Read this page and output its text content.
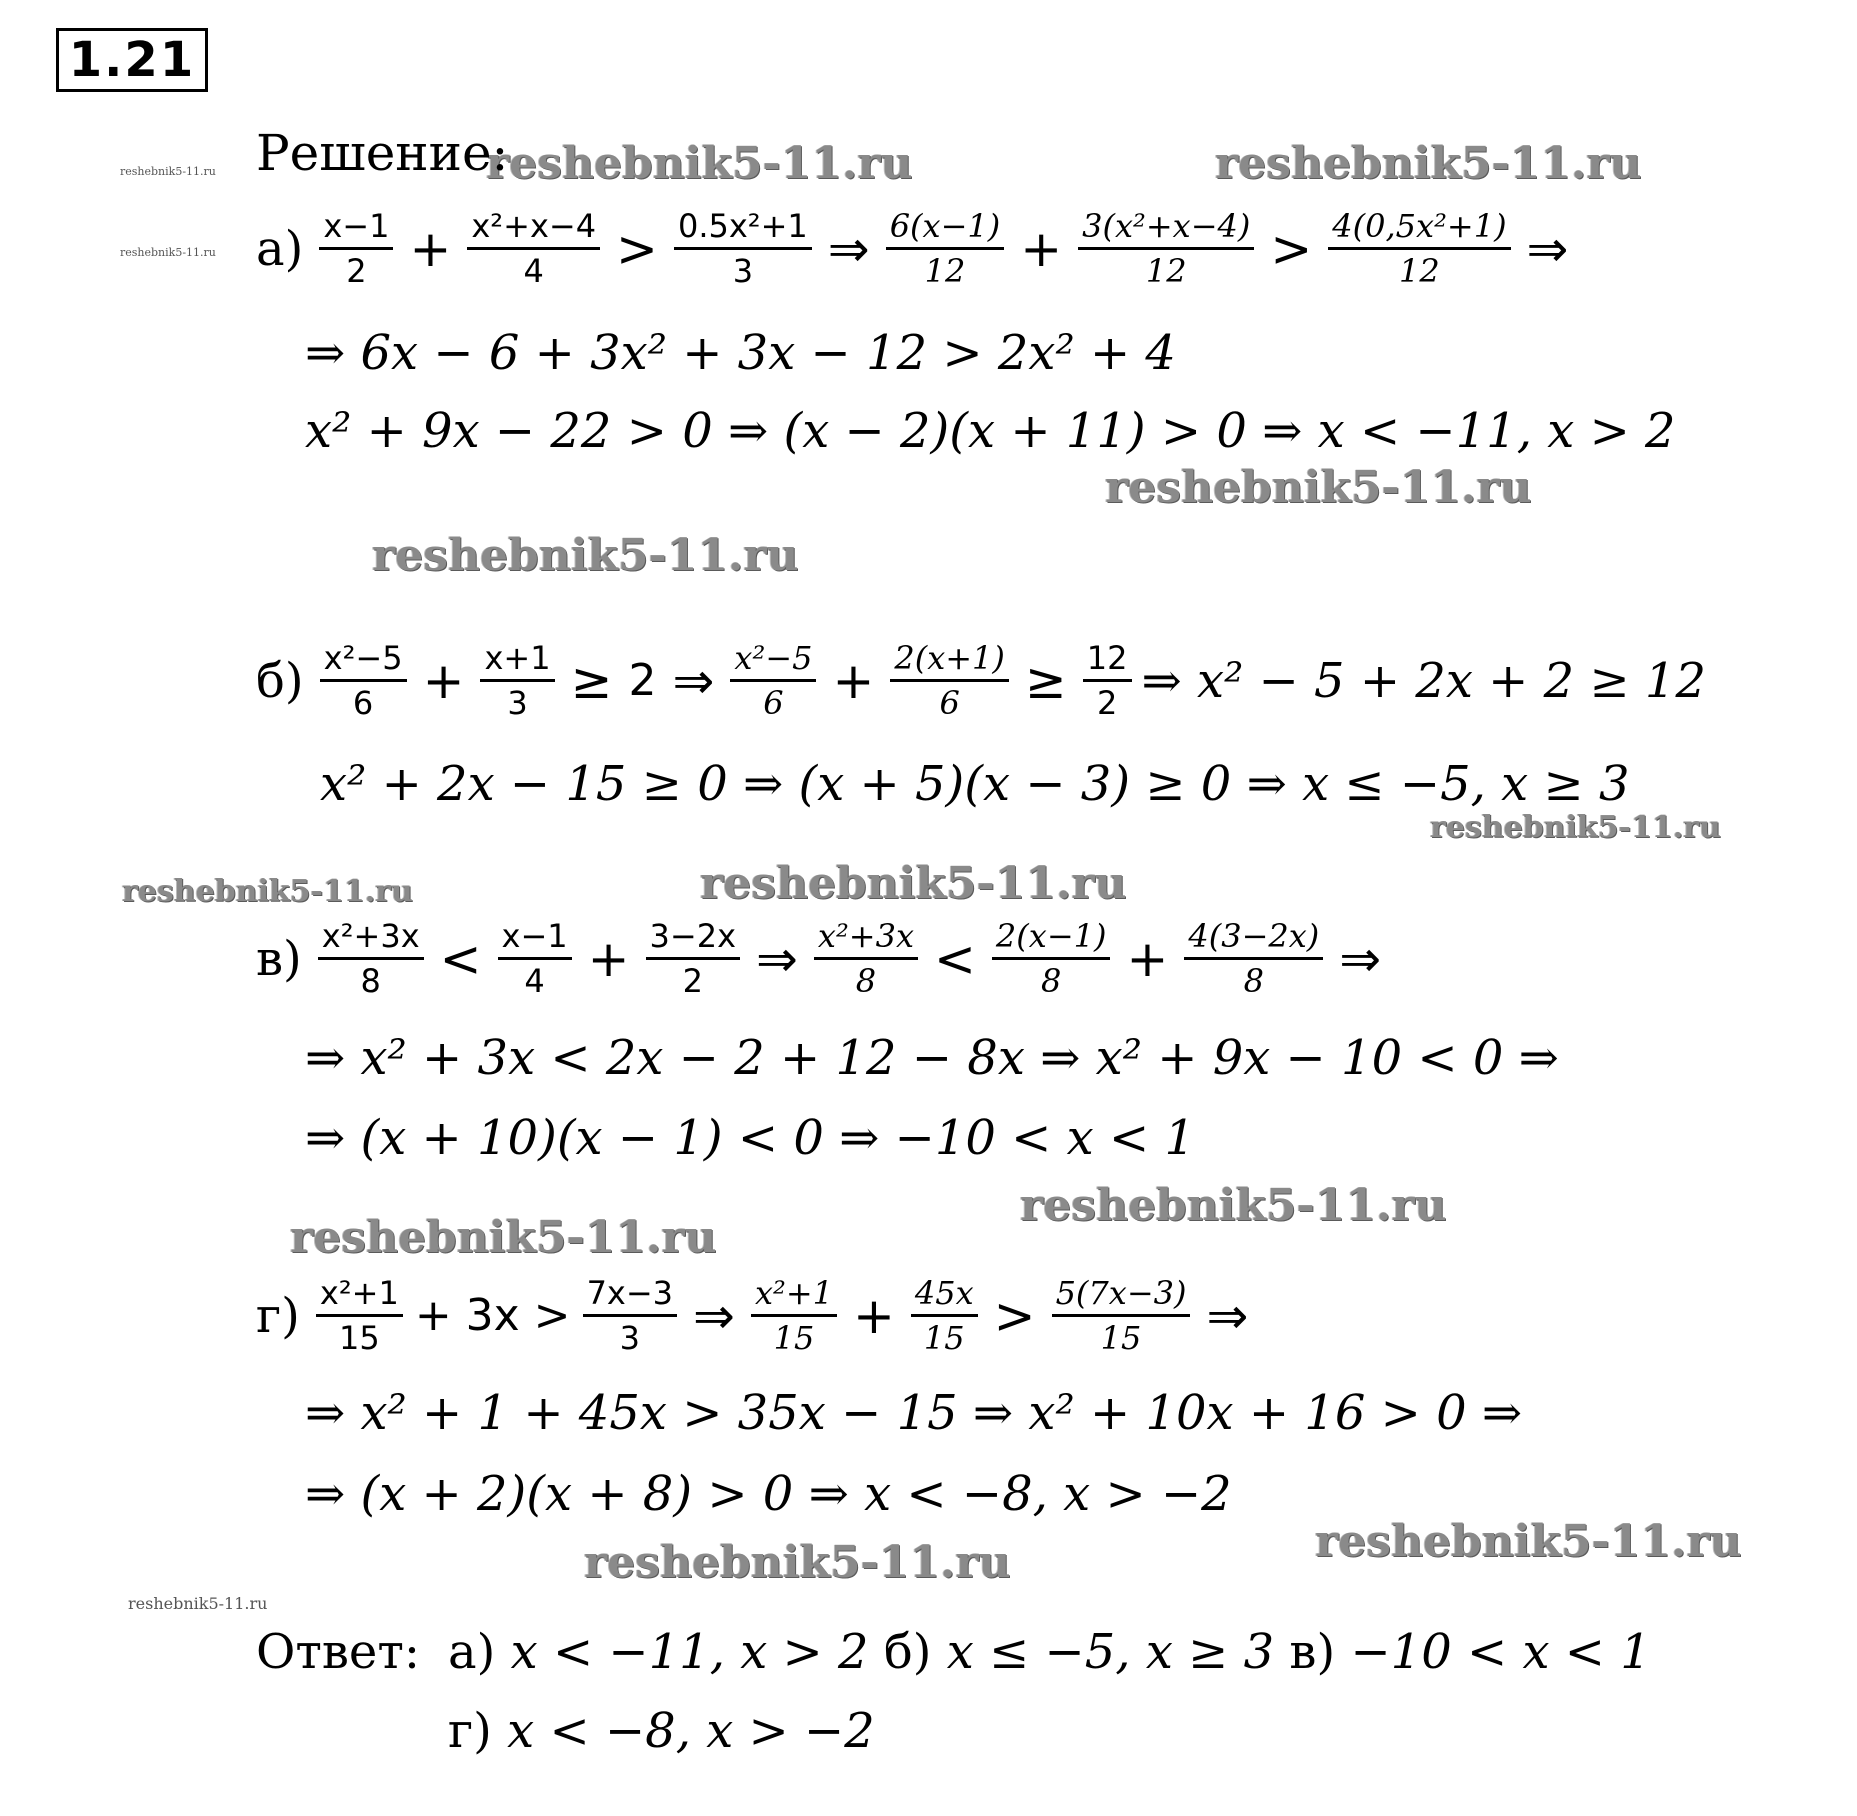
1.21
reshebnik5-11.ru
reshebnik5-11.ru
reshebnik5-11.ru
reshebnik5-11.ru	reshebnik5-11.ru
reshebnik5-11.ru
reshebnik5-11.ru
reshebnik5-11.ru
reshebnik5-11.ru
reshebnik5-11.ru
reshebnik5-11.ru
reshebnik5-11.ru
reshebnik5-11.ru
reshebnik5-11.ru
Решение:
$а) \frac{x-1}{2} + \frac{\text{x²+x−4}}{4} > \frac{\text{0.5x²+1}}{3}$ ⇒ $\frac{6(x-1)}{12} + \frac{\text{3(x²+x−4)}}{12} > \frac{\text{4(0,5x²+1)}}{12}$ ⇒
⇒ 6x − 6 + 3x² + 3x − 12 > 2x² + 4
x² + 9x − 22 > 0 ⇒ (x − 2)(x + 11) > 0 ⇒ x < −11, x > 2
$б) \frac{\text{x²−5}}{6} + \frac{x+1}{3} \ge 2$ ⇒ $\frac{\text{x²−5}}{6} + \frac{2(x+1)}{6} \ge \frac{12}{2}$ ⇒ x² − 5 + 2x + 2 ≥ 12
x² + 2x − 15 ≥ 0 ⇒ (x + 5)(x − 3) ≥ 0 ⇒ x ≤ −5, x ≥ 3
$в) \frac{\text{x²+3x}}{8} < \frac{x-1}{4} + \frac{3-2x}{2}$ ⇒ $\frac{\text{x²+3x}}{8} < \frac{2(x-1)}{8} + \frac{4(3-2x)}{8}$ ⇒
⇒ x² + 3x < 2x − 2 + 12 − 8x ⇒ x² + 9x − 10 < 0 ⇒
⇒ (x + 10)(x − 1) < 0 ⇒ −10 < x < 1
$г) \frac{\text{x²+1}}{15} + 3x > \frac{7x-3}{3}$ ⇒ $\frac{\text{x²+1}}{15} + \frac{45x}{15} > \frac{5(7x-3)}{15}$ ⇒
⇒ x² + 1 + 45x > 35x − 15 ⇒ x² + 10x + 16 > 0 ⇒
⇒ (x + 2)(x + 8) > 0 ⇒ x < −8, x > −2
Ответ: а) x < −11, x > 2 б) x ≤ −5, x ≥ 3 в) −10 < x < 1
г) x < −8, x > −2
